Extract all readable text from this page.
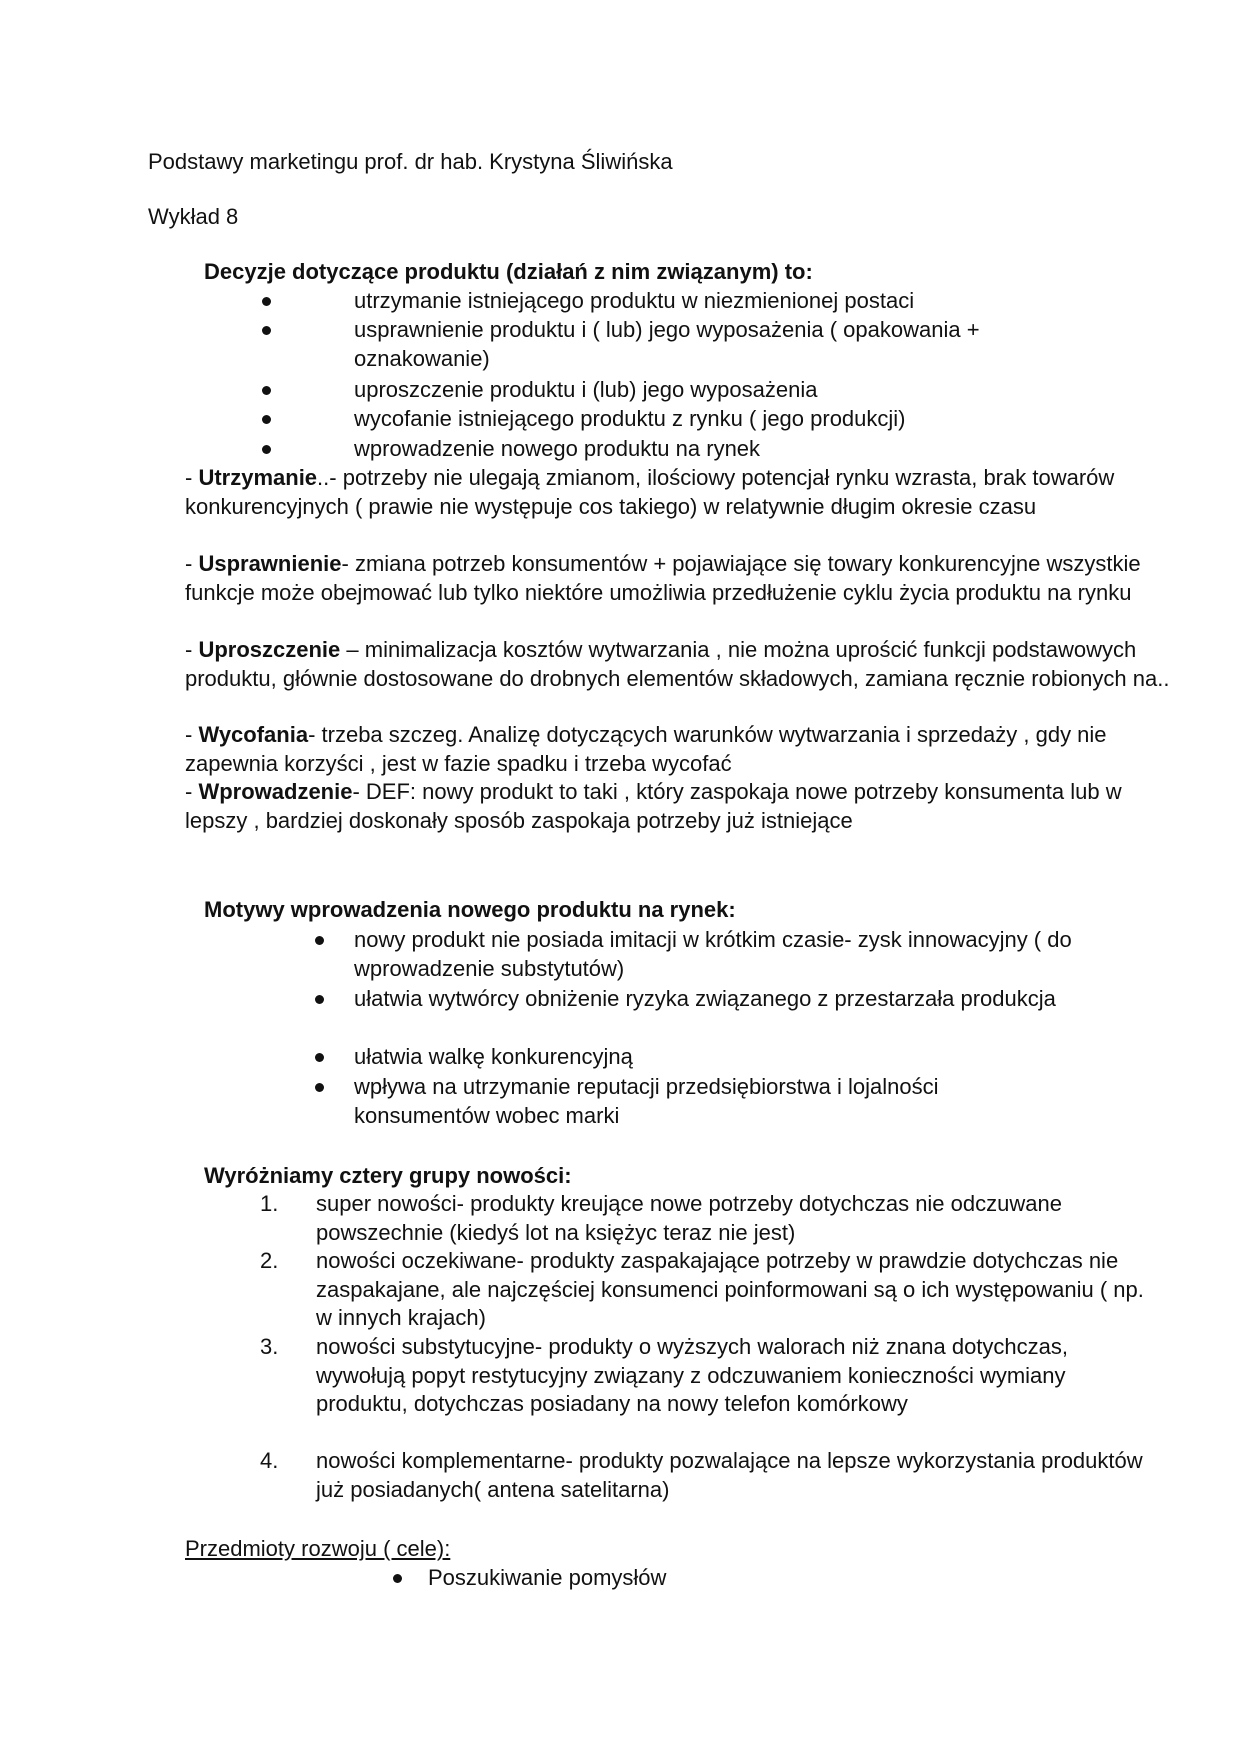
Podstawy marketingu prof. dr hab. Krystyna Śliwińska
Wykład 8
Decyzje dotyczące produktu (działań z nim związanym) to:
utrzymanie istniejącego produktu w niezmienionej postaci
usprawnienie produktu i ( lub) jego wyposażenia ( opakowania + oznakowanie)
uproszczenie produktu i (lub) jego wyposażenia
wycofanie istniejącego produktu z rynku ( jego produkcji)
wprowadzenie nowego produktu na rynek
- Utrzymanie..- potrzeby nie ulegają zmianom, ilościowy potencjał rynku wzrasta, brak towarów konkurencyjnych ( prawie nie występuje cos takiego) w relatywnie długim okresie czasu
- Usprawnienie- zmiana potrzeb konsumentów + pojawiające się towary konkurencyjne wszystkie funkcje może obejmować lub tylko niektóre umożliwia przedłużenie cyklu życia produktu na rynku
- Uproszczenie – minimalizacja kosztów wytwarzania , nie można uprościć funkcji podstawowych produktu, głównie dostosowane do drobnych elementów składowych, zamiana ręcznie robionych na..
- Wycofania- trzeba szczeg. Analizę dotyczących warunków wytwarzania i sprzedaży , gdy nie zapewnia korzyści , jest w fazie spadku i trzeba wycofać
- Wprowadzenie- DEF: nowy produkt to taki , który zaspokaja nowe potrzeby konsumenta lub w lepszy , bardziej doskonały sposób zaspokaja potrzeby już istniejące
Motywy wprowadzenia nowego produktu na rynek:
nowy produkt nie posiada imitacji w krótkim czasie- zysk innowacyjny ( do wprowadzenie substytutów)
ułatwia wytwórcy obniżenie ryzyka związanego z przestarzała produkcja
ułatwia walkę konkurencyjną
wpływa na utrzymanie reputacji przedsiębiorstwa i lojalności konsumentów wobec marki
Wyróżniamy cztery grupy nowości:
1. super nowości- produkty kreujące nowe potrzeby dotychczas nie odczuwane powszechnie (kiedyś lot na księżyc teraz nie jest)
2. nowości oczekiwane- produkty zaspakajające potrzeby w prawdzie dotychczas nie zaspakajane, ale najczęściej konsumenci poinformowani są o ich występowaniu ( np. w innych krajach)
3. nowości substytucyjne- produkty o wyższych walorach niż znana dotychczas, wywołują popyt restytucyjny związany z odczuwaniem konieczności wymiany produktu, dotychczas posiadany na nowy telefon komórkowy
4. nowości komplementarne- produkty pozwalające na lepsze wykorzystania produktów już posiadanych( antena satelitarna)
Przedmioty rozwoju ( cele):
Poszukiwanie pomysłów
